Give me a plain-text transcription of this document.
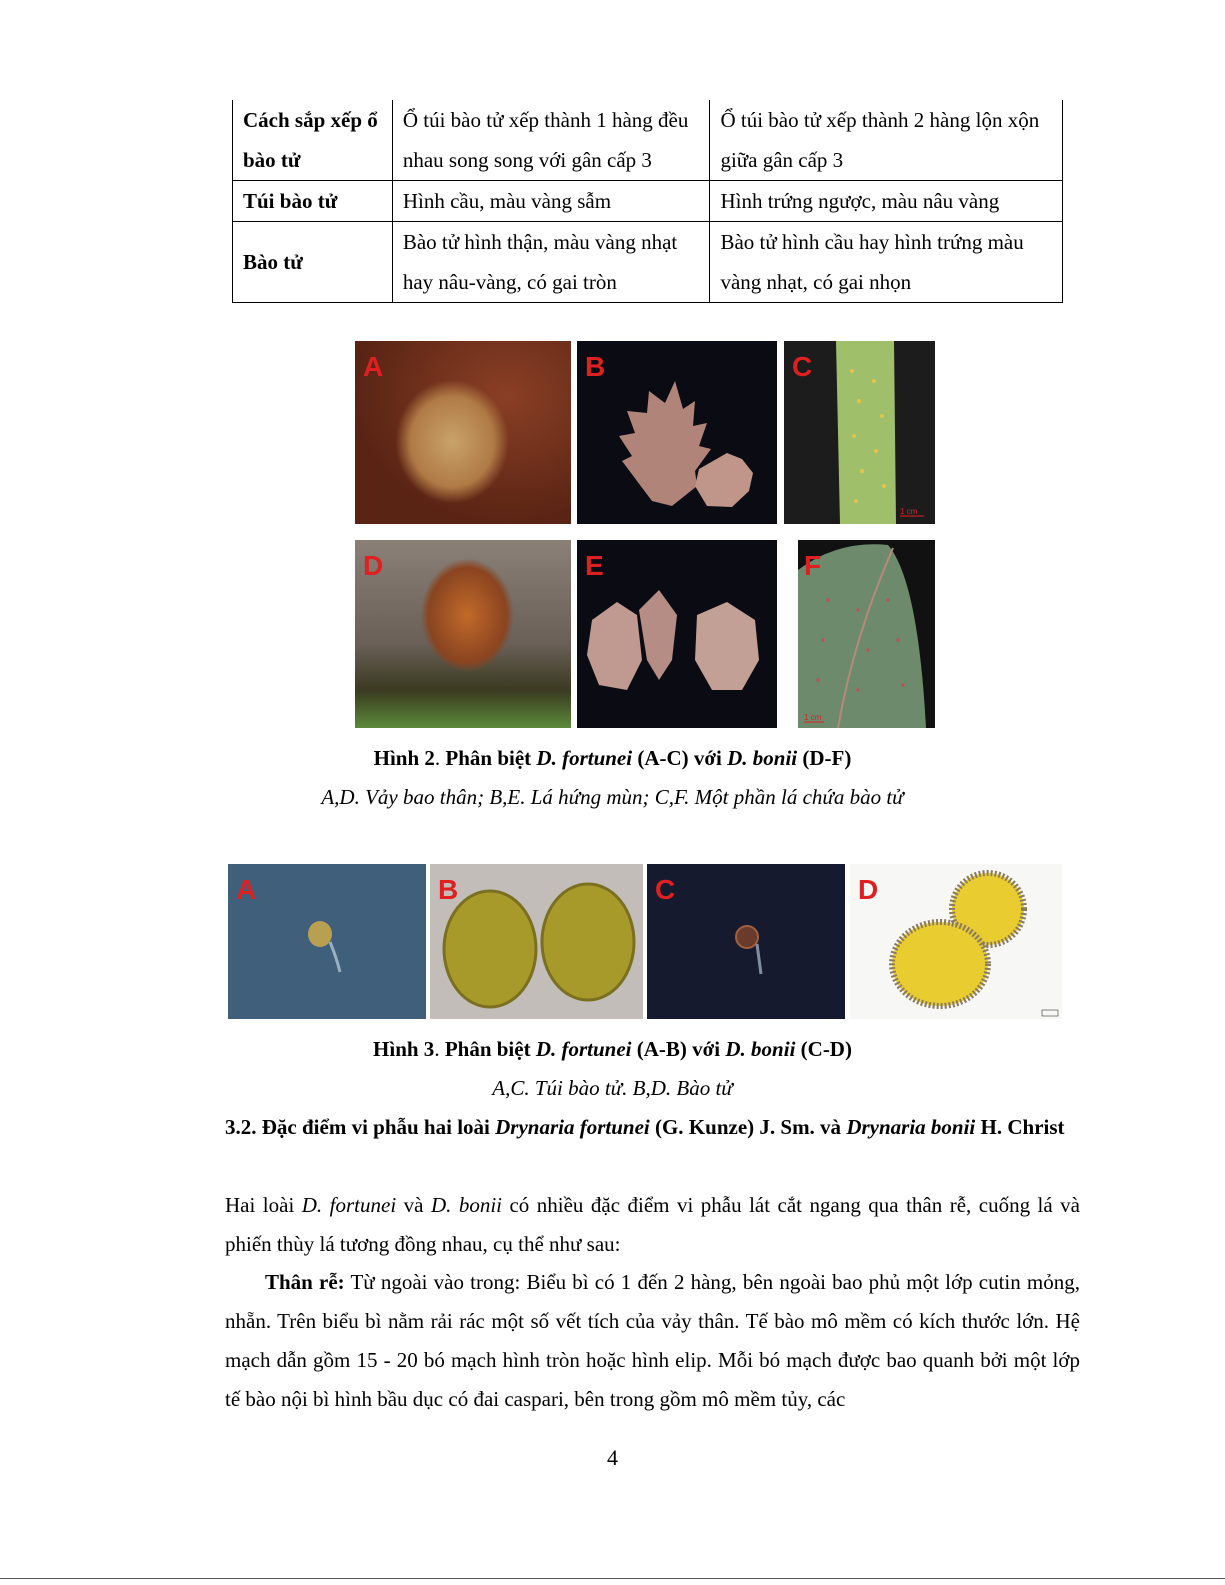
Cách sắp xếp ổ bào tử	Ổ túi bào tử xếp thành 1 hàng đều nhau song song với gân cấp 3	Ổ túi bào tử xếp thành 2 hàng lộn xộn giữa gân cấp 3
Túi bào tử	Hình cầu, màu vàng sẫm	Hình trứng ngược, màu nâu vàng
Bào tử	Bào tử hình thận, màu vàng nhạt hay nâu-vàng, có gai tròn	Bào tử hình cầu hay hình trứng màu vàng nhạt, có gai nhọn
A	B	C
1 cm
D	E	F
1 cm
Hình 2. Phân biệt D. fortunei (A-C) với D. bonii (D-F)
A,D. Vảy bao thân; B,E. Lá hứng mùn; C,F. Một phần lá chứa bào tử
A	B	C	D
Hình 3. Phân biệt D. fortunei (A-B) với D. bonii (C-D)
A,C. Túi bào tử. B,D. Bào tử
3.2. Đặc điểm vi phẫu hai loài Drynaria fortunei (G. Kunze) J. Sm. và Drynaria bonii H. Christ
Hai loài D. fortunei và D. bonii có nhiều đặc điểm vi phẫu lát cắt ngang qua thân rễ, cuống lá và phiến thùy lá tương đồng nhau, cụ thể như sau:
Thân rễ: Từ ngoài vào trong: Biểu bì có 1 đến 2 hàng, bên ngoài bao phủ một lớp cutin mỏng, nhẵn. Trên biểu bì nằm rải rác một số vết tích của vảy thân. Tế bào mô mềm có kích thước lớn. Hệ mạch dẫn gồm 15 - 20 bó mạch hình tròn hoặc hình elip. Mỗi bó mạch được bao quanh bởi một lớp tế bào nội bì hình bầu dục có đai caspari, bên trong gồm mô mềm tủy, các
4
